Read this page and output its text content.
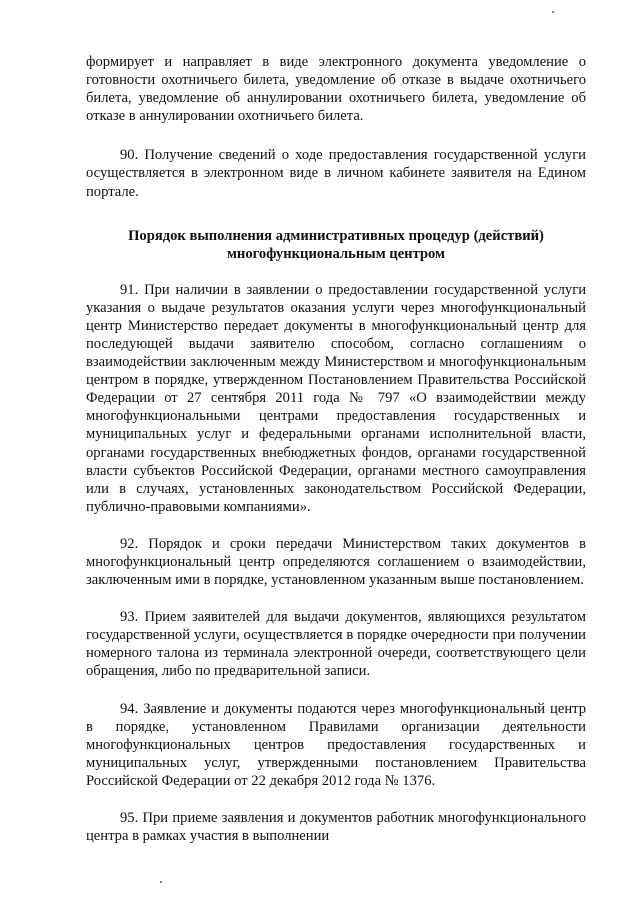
формирует и направляет в виде электронного документа уведомление о готовности охотничьего билета, уведомление об отказе в выдаче охотничьего билета, уведомление об аннулировании охотничьего билета, уведомление об отказе в аннулировании охотничьего билета.

90. Получение сведений о ходе предоставления государственной услуги осуществляется в электронном виде в личном кабинете заявителя на Едином портале.

Порядок выполнения административных процедур (действий)
многофункциональным центром

91. При наличии в заявлении о предоставлении государственной услуги указания о выдаче результатов оказания услуги через многофункциональный центр Министерство передает документы в многофункциональный центр для последующей выдачи заявителю способом, согласно соглашениям о взаимодействии заключенным между Министерством и многофункциональным центром в порядке, утвержденном Постановлением Правительства Российской Федерации от 27 сентября 2011 года № 797 «О взаимодействии между многофункциональными центрами предоставления государственных и муниципальных услуг и федеральными органами исполнительной власти, органами государственных внебюджетных фондов, органами государственной власти субъектов Российской Федерации, органами местного самоуправления или в случаях, установленных законодательством Российской Федерации, публично-правовыми компаниями».

92. Порядок и сроки передачи Министерством таких документов в многофункциональный центр определяются соглашением о взаимодействии, заключенным ими в порядке, установленном указанным выше постановлением.

93. Прием заявителей для выдачи документов, являющихся результатом государственной услуги, осуществляется в порядке очередности при получении номерного талона из терминала электронной очереди, соответствующего цели обращения, либо по предварительной записи.

94. Заявление и документы подаются через многофункциональный центр в порядке, установленном Правилами организации деятельности многофункциональных центров предоставления государственных и муниципальных услуг, утвержденными постановлением Правительства Российской Федерации от 22 декабря 2012 года № 1376.

95. При приеме заявления и документов работник многофункционального центра в рамках участия в выполнении
